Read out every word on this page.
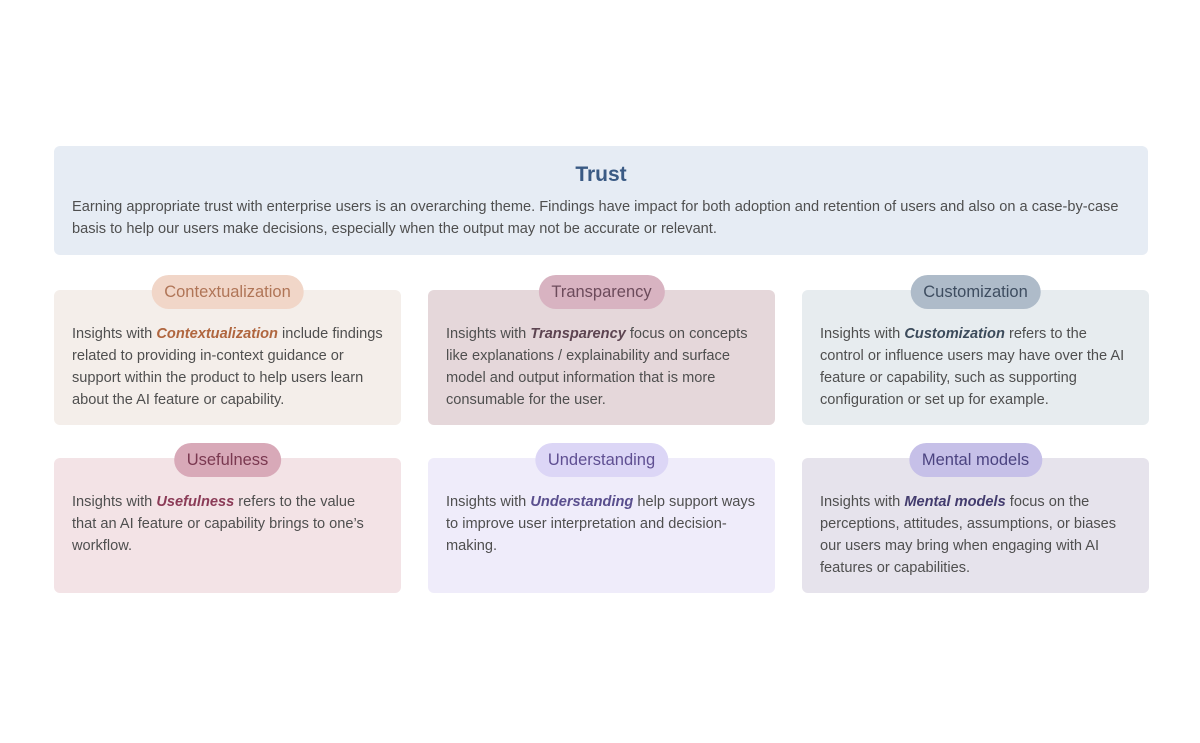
Trust
Earning appropriate trust with enterprise users is an overarching theme. Findings have impact for both adoption and retention of users and also on a case-by-case basis to help our users make decisions, especially when the output may not be accurate or relevant.
Contextualization

Insights with Contextualization include findings related to providing in-context guidance or support within the product to help users learn about the AI feature or capability.

Transparency

Insights with Transparency focus on concepts like explanations / explainability and surface model and output information that is more consumable for the user.

Customization

Insights with Customization refers to the control or influence users may have over the AI feature or capability, such as supporting configuration or set up for example.

Usefulness

Insights with Usefulness refers to the value that an AI feature or capability brings to one’s workflow.

Understanding

Insights with Understanding help support ways to improve user interpretation and decision-making.

Mental models

Insights with Mental models focus on the perceptions, attitudes, assumptions, or biases our users may bring when engaging with AI features or capabilities.
